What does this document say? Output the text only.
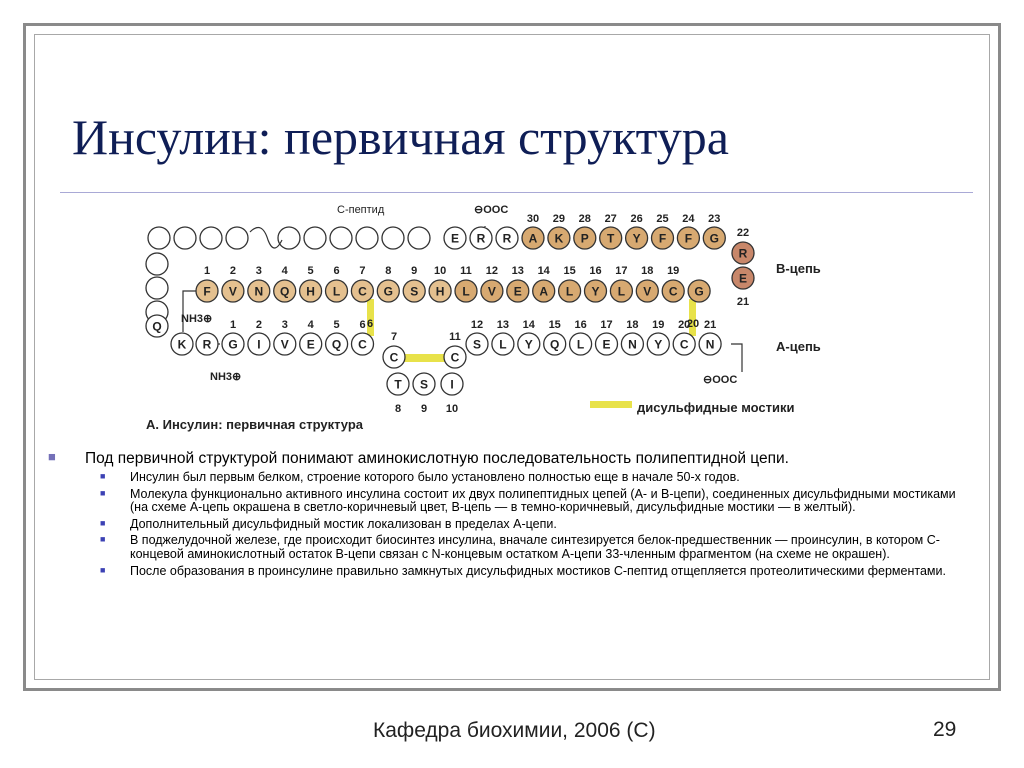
Инсулин: первичная структура
6	20
E R R
Q
K R
F
1
V
2
N
3
Q
4
H
5
L
6
C
7
G
8
S
9
H
10
L
11
V
12
E
13
A
14
L
15
Y
16
L
17
V
18
C
19
G
E
R
21
22
A
30
K
29
P
28
T
27
Y
26
F
25
F
24
G
23
G
1
I
2
V
3
E
4
Q
5
C
6
S
12
L
13
Y
14
Q
15
L
16
E
17
N
18
Y
19
C
20
N
21
C
7
T
8
S
9
I
10
C
11
С-пептид	⊖ООС
В-цепь
А-цепь
⊖ООС
NH3⊕
NH3⊕
дисульфидные мостики
А. Инсулин: первичная структура
■ Под первичной структурой понимают аминокислотную последовательность полипептидной цепи.
■ Инсулин был первым белком, строение которого было установлено полностью еще в начале 50-х годов.
■ Молекула функционально активного инсулина состоит их двух полипептидных цепей (А- и В-цепи), соединенных дисульфидными мостиками (на схеме А-цепь окрашена в светло-коричневый цвет, В-цепь — в темно-коричневый, дисульфидные мостики — в желтый).
■ Дополнительный дисульфидный мостик локализован в пределах А-цепи.
■ В поджелудочной железе, где происходит биосинтез инсулина, вначале синтезируется белок-предшественник — проинсулин, в котором С-концевой аминокислотный остаток В-цепи связан с N-концевым остатком А-цепи 33-членным фрагментом (на схеме не окрашен).
■ После образования в проинсулине правильно замкнутых дисульфидных мостиков С-пептид отщепляется протеолитическими ферментами.
Кафедра биохимии, 2006 (С)	29
